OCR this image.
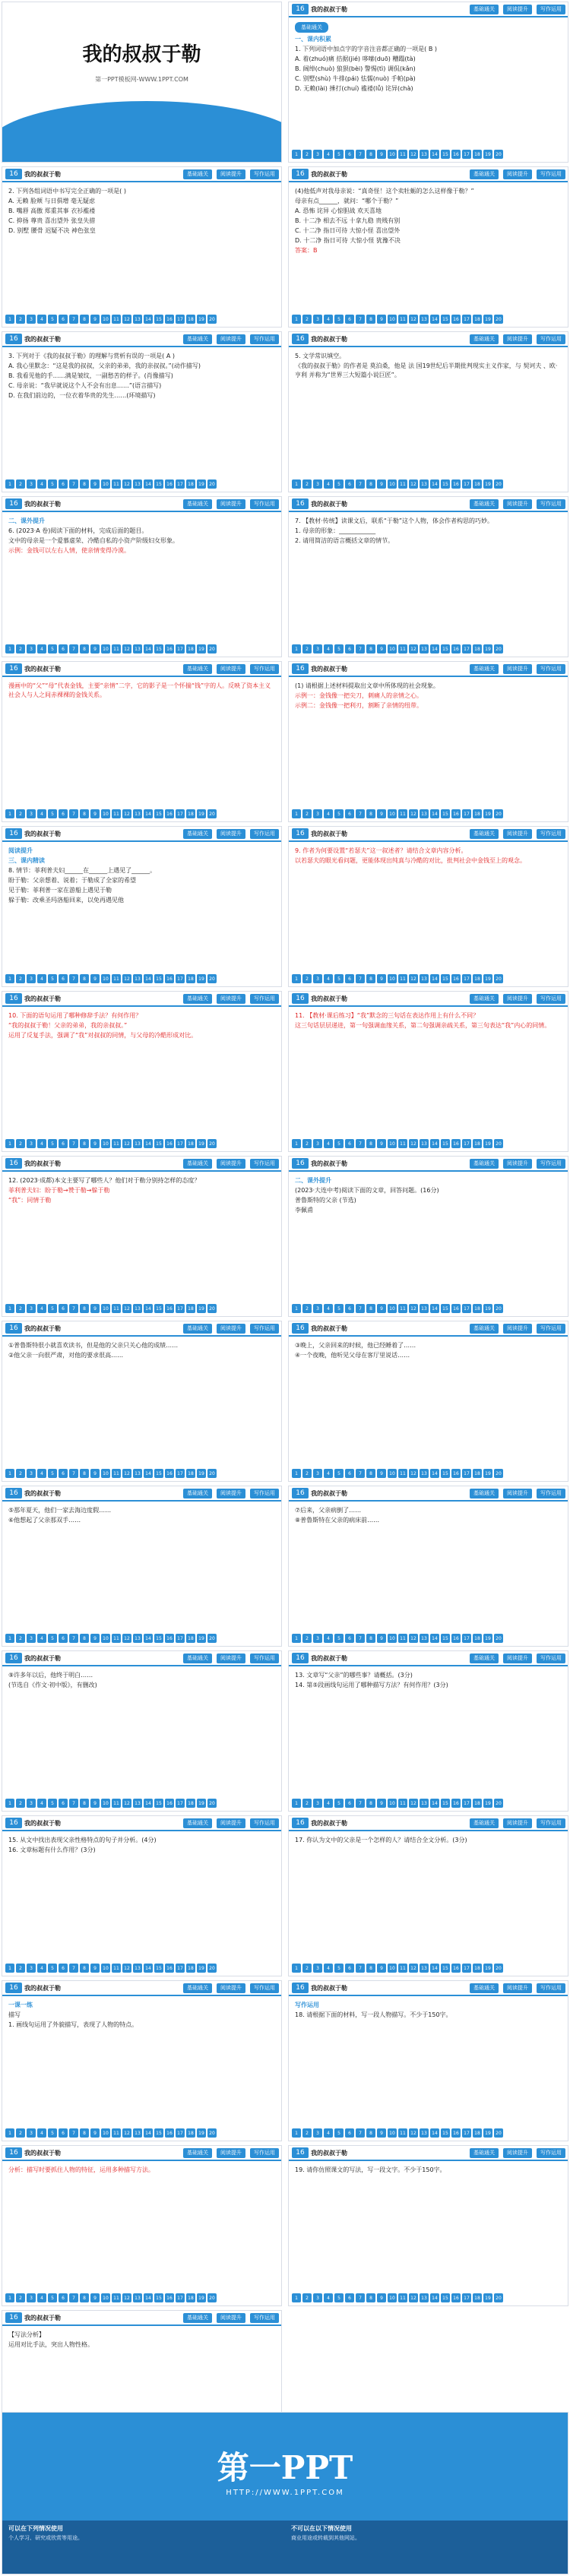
我的叔叔于勒
第一PPT模板网-WWW.1PPT.COM
16	我的叔叔于勒	基础通关	阅读提升	写作运用
基础通关

一、课内积累

1. 下列词语中加点字的字音注音都正确的一项是( B )

A. 着(zhuó)痛 拮据(jié) 哆嗦(duō) 糟蹋(tà)

B. 阔绰(chuò) 狼狈(bèi) 警惕(tì) 调侃(kǎn)

C. 别墅(shù) 牛排(pái) 怯懦(nuò) 手帕(pà)

D. 无赖(lài) 捶打(chuí) 褴褛(lǚ) 诧异(chà)

1	2	3	4	5	6	7	8	9	10	11	12	13	14	15	16	17	18	19	20
16	我的叔叔于勒	基础通关	阅读提升	写作运用

2. 下列各组词语中书写完全正确的一项是( )

A. 无赖 脸颊 与日俱增 毫无疑虑

B. 嘴唇 高傲 郑重其事 衣衫褴褛

C. 抑扬 尊贵 喜出望外 张皇失措

D. 别墅 腰骨 迟疑不决 神色张皇

1	2	3	4	5	6	7	8	9	10	11	12	13	14	15	16	17	18	19	20
16	我的叔叔于勒	基础通关	阅读提升	写作运用

(4)他低声对我母亲说：“真奇怪！这个卖牡蛎的怎么这样像于勒？”

母亲有点______，就问：“哪个于勒？”

A. 恐怖 诧异 心惊胆战 欢天喜地

B. 十二净 相去不远 十拿九稳 贵贱有别

C. 十二净 指日可待 大惊小怪 喜出望外

D. 十二净 指日可待 大惊小怪 犹豫不决

答案：B

1	2	3	4	5	6	7	8	9	10	11	12	13	14	15	16	17	18	19	20
16	我的叔叔于勒	基础通关	阅读提升	写作运用

3. 下列对于《我的叔叔于勒》的理解与赏析有误的一项是( A )

A. 我心里默念：“这是我的叔叔，父亲的弟弟，我的亲叔叔。”(动作描写)

B. 我看见他的手……满是皱纹，一副愁苦的样子。(肖像描写)

C. 母亲说：“我早就说这个人不会有出息……”(语言描写)

D. 在我们前边的，一位衣着华贵的先生……(环境描写)

1	2	3	4	5	6	7	8	9	10	11	12	13	14	15	16	17	18	19	20
16	我的叔叔于勒	基础通关	阅读提升	写作运用

5. 文学常识填空。

《我的叔叔于勒》的作者是 莫泊桑，他是 法 国19世纪后半期批判现实主义作家，与 契诃夫 、欧·亨利 并称为“世界三大短篇小说巨匠”。

1	2	3	4	5	6	7	8	9	10	11	12	13	14	15	16	17	18	19	20
16	我的叔叔于勒	基础通关	阅读提升	写作运用

二、课外提升

6. (2023·A 卷)阅读下面的材料，完成后面的题目。

文中的母亲是一个爱慕虚荣、冷酷自私的小资产阶级妇女形象。

示例：金钱可以左右人情，使亲情变得冷漠。

1	2	3	4	5	6	7	8	9	10	11	12	13	14	15	16	17	18	19	20
16	我的叔叔于勒	基础通关	阅读提升	写作运用

7. 【教材·传统】读课文后，联系“于勒”这个人物，体会作者构思的巧妙。

1. 母亲的形象：____________

2. 请用简洁的语言概括文章的情节。

1	2	3	4	5	6	7	8	9	10	11	12	13	14	15	16	17	18	19	20
16	我的叔叔于勒	基础通关	阅读提升	写作运用

漫画中的“父”“母”代表金钱，主要“亲情”二字，它的影子是一个怀揣“钱”字的人。反映了资本主义社会人与人之间赤裸裸的金钱关系。

1	2	3	4	5	6	7	8	9	10	11	12	13	14	15	16	17	18	19	20
16	我的叔叔于勒	基础通关	阅读提升	写作运用

(1) 请根据上述材料提取出文章中所体现的社会现象。

示例一：金钱像一把尖刀，刺痛人的亲情之心。

示例二：金钱像一把利刃，割断了亲情的纽带。

1	2	3	4	5	6	7	8	9	10	11	12	13	14	15	16	17	18	19	20
16	我的叔叔于勒	基础通关	阅读提升	写作运用

阅读提升

三、课内精读

8. 情节：菲利普夫妇______在______上遇见了______。

盼于勒：父亲想着、说着；于勒成了全家的希望

见于勒：菲利普一家在游船上遇见于勒

躲于勒：改乘圣玛洛船回来，以免再遇见他

1	2	3	4	5	6	7	8	9	10	11	12	13	14	15	16	17	18	19	20
16	我的叔叔于勒	基础通关	阅读提升	写作运用

9. 作者为何要设置“若瑟夫”这一叙述者？请结合文章内容分析。

以若瑟夫的眼光看问题，更能体现出纯真与冷酷的对比，批判社会中金钱至上的观念。

1	2	3	4	5	6	7	8	9	10	11	12	13	14	15	16	17	18	19	20
16	我的叔叔于勒	基础通关	阅读提升	写作运用

10. 下面的语句运用了哪种修辞手法？有何作用？

“我的叔叔于勒！父亲的弟弟，我的亲叔叔。”

运用了反复手法，强调了“我”对叔叔的同情，与父母的冷酷形成对比。

1	2	3	4	5	6	7	8	9	10	11	12	13	14	15	16	17	18	19	20
16	我的叔叔于勒	基础通关	阅读提升	写作运用

11. 【教材·课后练习】“我”默念的三句话在表达作用上有什么不同？

这三句话层层递进，第一句强调血缘关系，第二句强调亲疏关系，第三句表达“我”内心的同情。

1	2	3	4	5	6	7	8	9	10	11	12	13	14	15	16	17	18	19	20
16	我的叔叔于勒	基础通关	阅读提升	写作运用

12. (2023·成都)本文主要写了哪些人？他们对于勒分别持怎样的态度？

菲利普夫妇：盼于勒→赞于勒→躲于勒

“我”：同情于勒

1	2	3	4	5	6	7	8	9	10	11	12	13	14	15	16	17	18	19	20
16	我的叔叔于勒	基础通关	阅读提升	写作运用

二、课外提升

(2023·大连中考)阅读下面的文章，回答问题。(16分)

普鲁斯特的父亲 (节选)

李佩甫

1	2	3	4	5	6	7	8	9	10	11	12	13	14	15	16	17	18	19	20
16	我的叔叔于勒	基础通关	阅读提升	写作运用

①普鲁斯特很小就喜欢读书，但是他的父亲只关心他的成绩……

②他父亲一向很严肃，对他的要求很高……

1	2	3	4	5	6	7	8	9	10	11	12	13	14	15	16	17	18	19	20
16	我的叔叔于勒	基础通关	阅读提升	写作运用

③晚上，父亲回来的时候，他已经睡着了……

④一个夜晚，他听见父母在客厅里说话……

1	2	3	4	5	6	7	8	9	10	11	12	13	14	15	16	17	18	19	20
16	我的叔叔于勒	基础通关	阅读提升	写作运用

⑤那年夏天，他们一家去海边度假……

⑥他想起了父亲那双手……

1	2	3	4	5	6	7	8	9	10	11	12	13	14	15	16	17	18	19	20
16	我的叔叔于勒	基础通关	阅读提升	写作运用

⑦后来，父亲病倒了……

⑧普鲁斯特在父亲的病床前……

1	2	3	4	5	6	7	8	9	10	11	12	13	14	15	16	17	18	19	20
16	我的叔叔于勒	基础通关	阅读提升	写作运用

⑨许多年以后，他终于明白……

(节选自《作文·初中版》，有删改)

1	2	3	4	5	6	7	8	9	10	11	12	13	14	15	16	17	18	19	20
16	我的叔叔于勒	基础通关	阅读提升	写作运用

13. 文章写“父亲”的哪些事？请概括。(3分)

14. 第⑤段画线句运用了哪种描写方法？有何作用？(3分)

1	2	3	4	5	6	7	8	9	10	11	12	13	14	15	16	17	18	19	20
16	我的叔叔于勒	基础通关	阅读提升	写作运用

15. 从文中找出表现父亲性格特点的句子并分析。(4分)

16. 文章标题有什么作用？(3分)

1	2	3	4	5	6	7	8	9	10	11	12	13	14	15	16	17	18	19	20
16	我的叔叔于勒	基础通关	阅读提升	写作运用

17. 你认为文中的父亲是一个怎样的人？请结合全文分析。(3分)

1	2	3	4	5	6	7	8	9	10	11	12	13	14	15	16	17	18	19	20
16	我的叔叔于勒	基础通关	阅读提升	写作运用

一课一练

描写

1. 画线句运用了外貌描写，表现了人物的特点。

1	2	3	4	5	6	7	8	9	10	11	12	13	14	15	16	17	18	19	20
16	我的叔叔于勒	基础通关	阅读提升	写作运用

写作运用

18. 请根据下面的材料，写一段人物描写。不少于150字。

1	2	3	4	5	6	7	8	9	10	11	12	13	14	15	16	17	18	19	20
16	我的叔叔于勒	基础通关	阅读提升	写作运用

分析：描写时要抓住人物的特征，运用多种描写方法。

1	2	3	4	5	6	7	8	9	10	11	12	13	14	15	16	17	18	19	20
16	我的叔叔于勒	基础通关	阅读提升	写作运用

19. 请你仿照课文的写法，写一段文字。不少于150字。

1	2	3	4	5	6	7	8	9	10	11	12	13	14	15	16	17	18	19	20
16	我的叔叔于勒	基础通关	阅读提升	写作运用

【写法分析】

运用对比手法，突出人物性格。

第一PPT
HTTP://WWW.1PPT.COM
可以在下列情况使用
个人学习、研究或欣赏等用途。
不可以在以下情况使用
商业用途或转载到其他网站。
